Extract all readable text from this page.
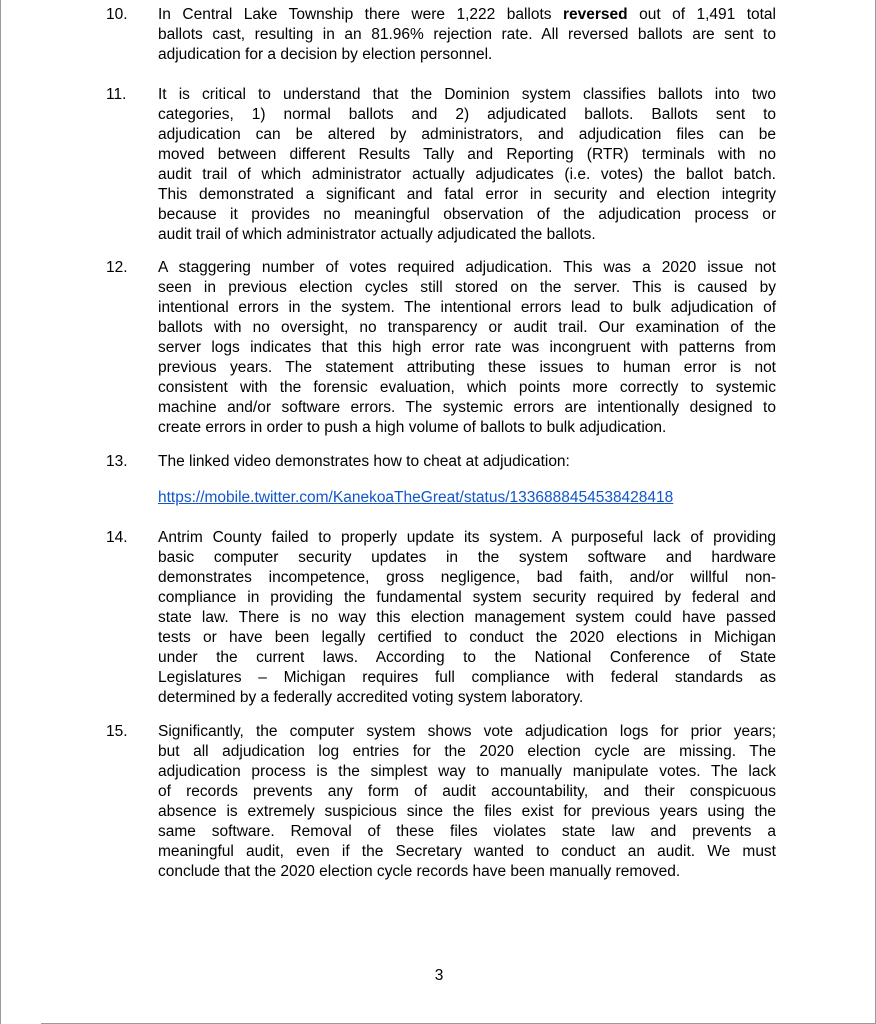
10. In Central Lake Township there were 1,222 ballots reversed out of 1,491 total
ballots cast, resulting in an 81.96% rejection rate. All reversed ballots are sent to
adjudication for a decision by election personnel.

11. It is critical to understand that the Dominion system classifies ballots into two
categories, 1) normal ballots and 2) adjudicated ballots. Ballots sent to
adjudication can be altered by administrators, and adjudication files can be
moved between different Results Tally and Reporting (RTR) terminals with no
audit trail of which administrator actually adjudicates (i.e. votes) the ballot batch.
This demonstrated a significant and fatal error in security and election integrity
because it provides no meaningful observation of the adjudication process or
audit trail of which administrator actually adjudicated the ballots.

12. A staggering number of votes required adjudication. This was a 2020 issue not
seen in previous election cycles still stored on the server. This is caused by
intentional errors in the system. The intentional errors lead to bulk adjudication of
ballots with no oversight, no transparency or audit trail. Our examination of the
server logs indicates that this high error rate was incongruent with patterns from
previous years. The statement attributing these issues to human error is not
consistent with the forensic evaluation, which points more correctly to systemic
machine and/or software errors. The systemic errors are intentionally designed to
create errors in order to push a high volume of ballots to bulk adjudication.

13. The linked video demonstrates how to cheat at adjudication:

https://mobile.twitter.com/KanekoaTheGreat/status/1336888454538428418
14. Antrim County failed to properly update its system. A purposeful lack of providing
basic computer security updates in the system software and hardware
demonstrates incompetence, gross negligence, bad faith, and/or willful non-
compliance in providing the fundamental system security required by federal and
state law. There is no way this election management system could have passed
tests or have been legally certified to conduct the 2020 elections in Michigan
under the current laws. According to the National Conference of State
Legislatures – Michigan requires full compliance with federal standards as
determined by a federally accredited voting system laboratory.

15. Significantly, the computer system shows vote adjudication logs for prior years;
but all adjudication log entries for the 2020 election cycle are missing. The
adjudication process is the simplest way to manually manipulate votes. The lack
of records prevents any form of audit accountability, and their conspicuous
absence is extremely suspicious since the files exist for previous years using the
same software. Removal of these files violates state law and prevents a
meaningful audit, even if the Secretary wanted to conduct an audit. We must
conclude that the 2020 election cycle records have been manually removed.

3
